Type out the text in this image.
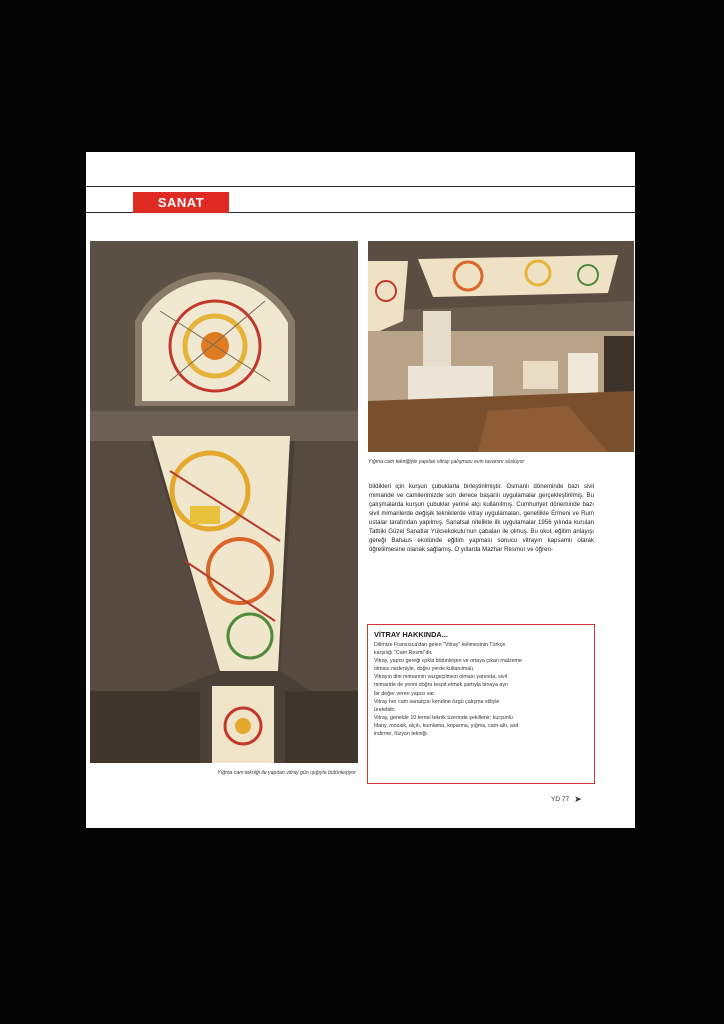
SANAT
Yığma cam tekniği ile yapılan vitray gün ışığıyla bütünleşiyor
Yığma cam tekniğiyle yapılan vitray çalışması evin tavanını süslüyor

bildikleri için kurşun çubuklarla birleştirilmiştir. Osmanlı döneminde bazı sivil mimaride ve camilerimizde son derece başarılı uygulamalar gerçekleştirilmiş. Bu çalışmalarda kurşun çubuklar yerine alçı kullanılmış. Cumhuriyet döneminde bazı sivil mimarilerde değişik tekniklerde vitray uygulamaları, genellikle Ermeni ve Rum ustalar tarafından yapılmış. Sanatsal nitelikte ilk uygulamalar 1956 yılında kurulan Tatbiki Güzel Sanatlar Yüksekokulu'nun çabaları ile olmuş. Bu okul, eğitim anlayışı gereği Bahaus ekolünde eğitim yapması sonucu vitrayın kapsamlı olarak öğretilmesine olanak sağlamış. O yıllarda Mazhar Resmor ve öğren-

VİTRAY HAKKINDA...
Dilimize Fransızca'dan gelen "Vitray" kelimesinin Türkçe
karşılığı "Cam Resmi"dir.
Vitray, yapısı gereği ışıkla bütünleşen ve ortaya çıkan malzeme
olması nedeniyle, doğru yerde kullanılmalı.
Vitrayın dini mimarinin vazgeçilmezi olması yanında, sivil
mimaride de yerini doğru tespit etmek şartıyla binaya ayrı
bir değer veren yapısı var.
Vitray her cam sanatçısı kendine özgü çalışma stiliyle
üretebilir.
Vitray, genelde 10 temel teknik üzerinde şekillenir; kurşunlu
tifany, mozaik, alçılı, kumlama, koparma, yığma, cam-altı, asit
indirme, füzyon tekniği.
YD 77 ➤
